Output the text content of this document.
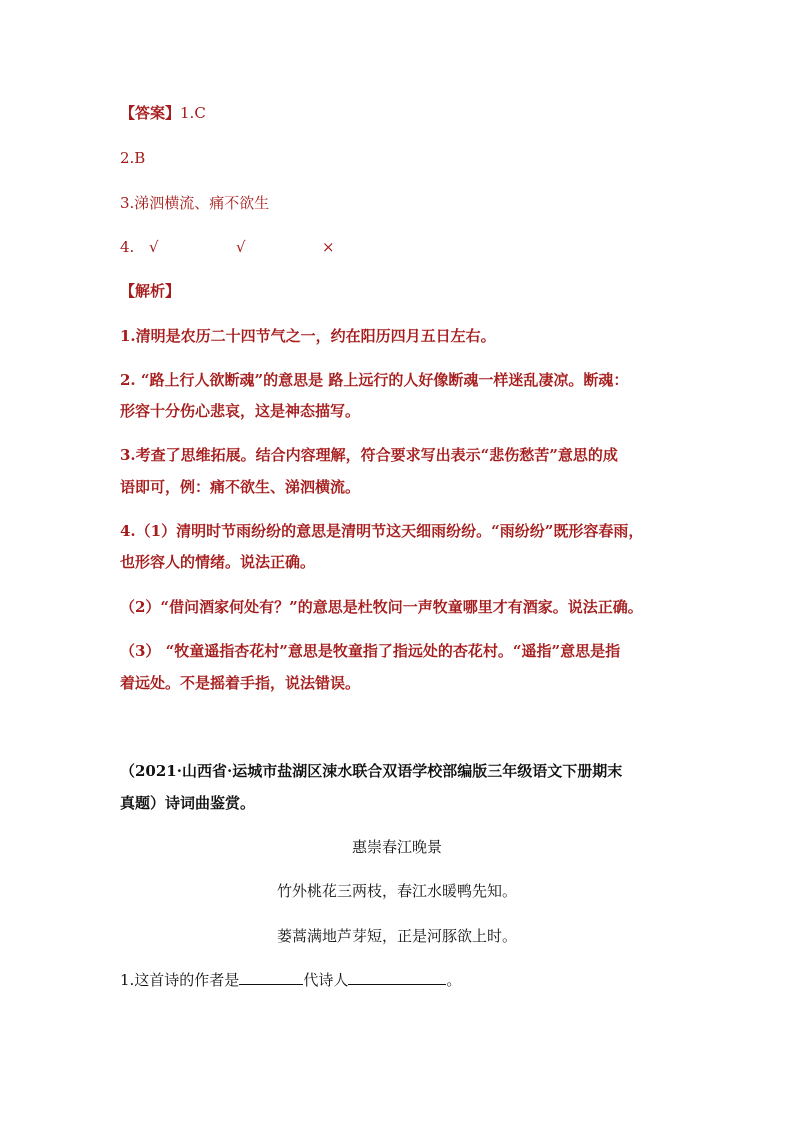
【答案】1.C
2.B
3.涕泗横流、痛不欲生
4. √	√	×
【解析】
1.清明是农历二十四节气之一，约在阳历四月五日左右。
2. “路上行人欲断魂”的意思是 路上远行的人好像断魂一样迷乱凄凉。断魂：
形容十分伤心悲哀，这是神态描写。
3.考查了思维拓展。结合内容理解，符合要求写出表示“悲伤愁苦”意思的成
语即可，例：痛不欲生、涕泗横流。
4.（1）清明时节雨纷纷的意思是清明节这天细雨纷纷。“雨纷纷”既形容春雨，
也形容人的情绪。说法正确。
（2）“借问酒家何处有？”的意思是杜牧问一声牧童哪里才有酒家。说法正确。
（3） “牧童遥指杏花村”意思是牧童指了指远处的杏花村。“遥指”意思是指
着远处。不是摇着手指，说法错误。
（2021·山西省·运城市盐湖区涑水联合双语学校部编版三年级语文下册期末
真题）诗词曲鉴赏。
惠崇春江晚景
竹外桃花三两枝，春江水暖鸭先知。
蒌蒿满地芦芽短，正是河豚欲上时。
1.这首诗的作者是	代诗人	。
